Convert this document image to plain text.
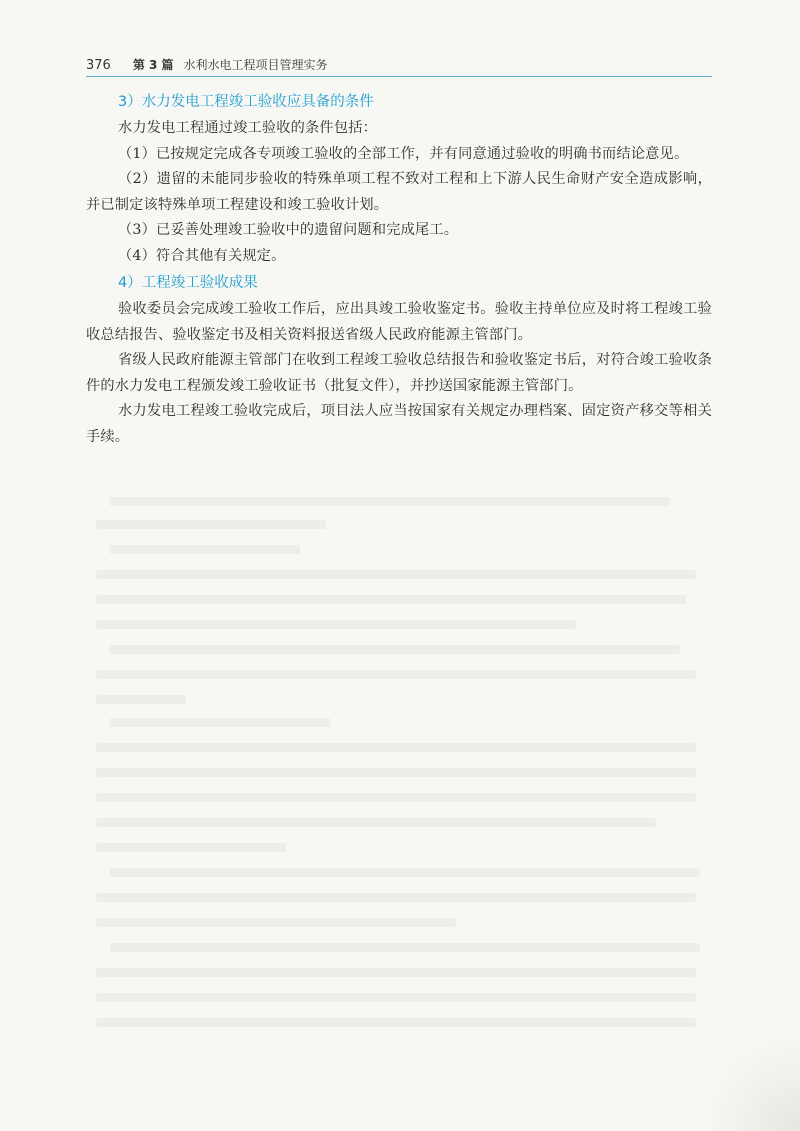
376 第 3 篇 水利水电工程项目管理实务
3）水力发电工程竣工验收应具备的条件

水力发电工程通过竣工验收的条件包括：

（1）已按规定完成各专项竣工验收的全部工作，并有同意通过验收的明确书而结论意见。

（2）遗留的未能同步验收的特殊单项工程不致对工程和上下游人民生命财产安全造成影响，并已制定该特殊单项工程建设和竣工验收计划。

（3）已妥善处理竣工验收中的遗留问题和完成尾工。

（4）符合其他有关规定。

4）工程竣工验收成果

验收委员会完成竣工验收工作后，应出具竣工验收鉴定书。验收主持单位应及时将工程竣工验收总结报告、验收鉴定书及相关资料报送省级人民政府能源主管部门。

省级人民政府能源主管部门在收到工程竣工验收总结报告和验收鉴定书后，对符合竣工验收条件的水力发电工程颁发竣工验收证书（批复文件），并抄送国家能源主管部门。

水力发电工程竣工验收完成后，项目法人应当按国家有关规定办理档案、固定资产移交等相关手续。
